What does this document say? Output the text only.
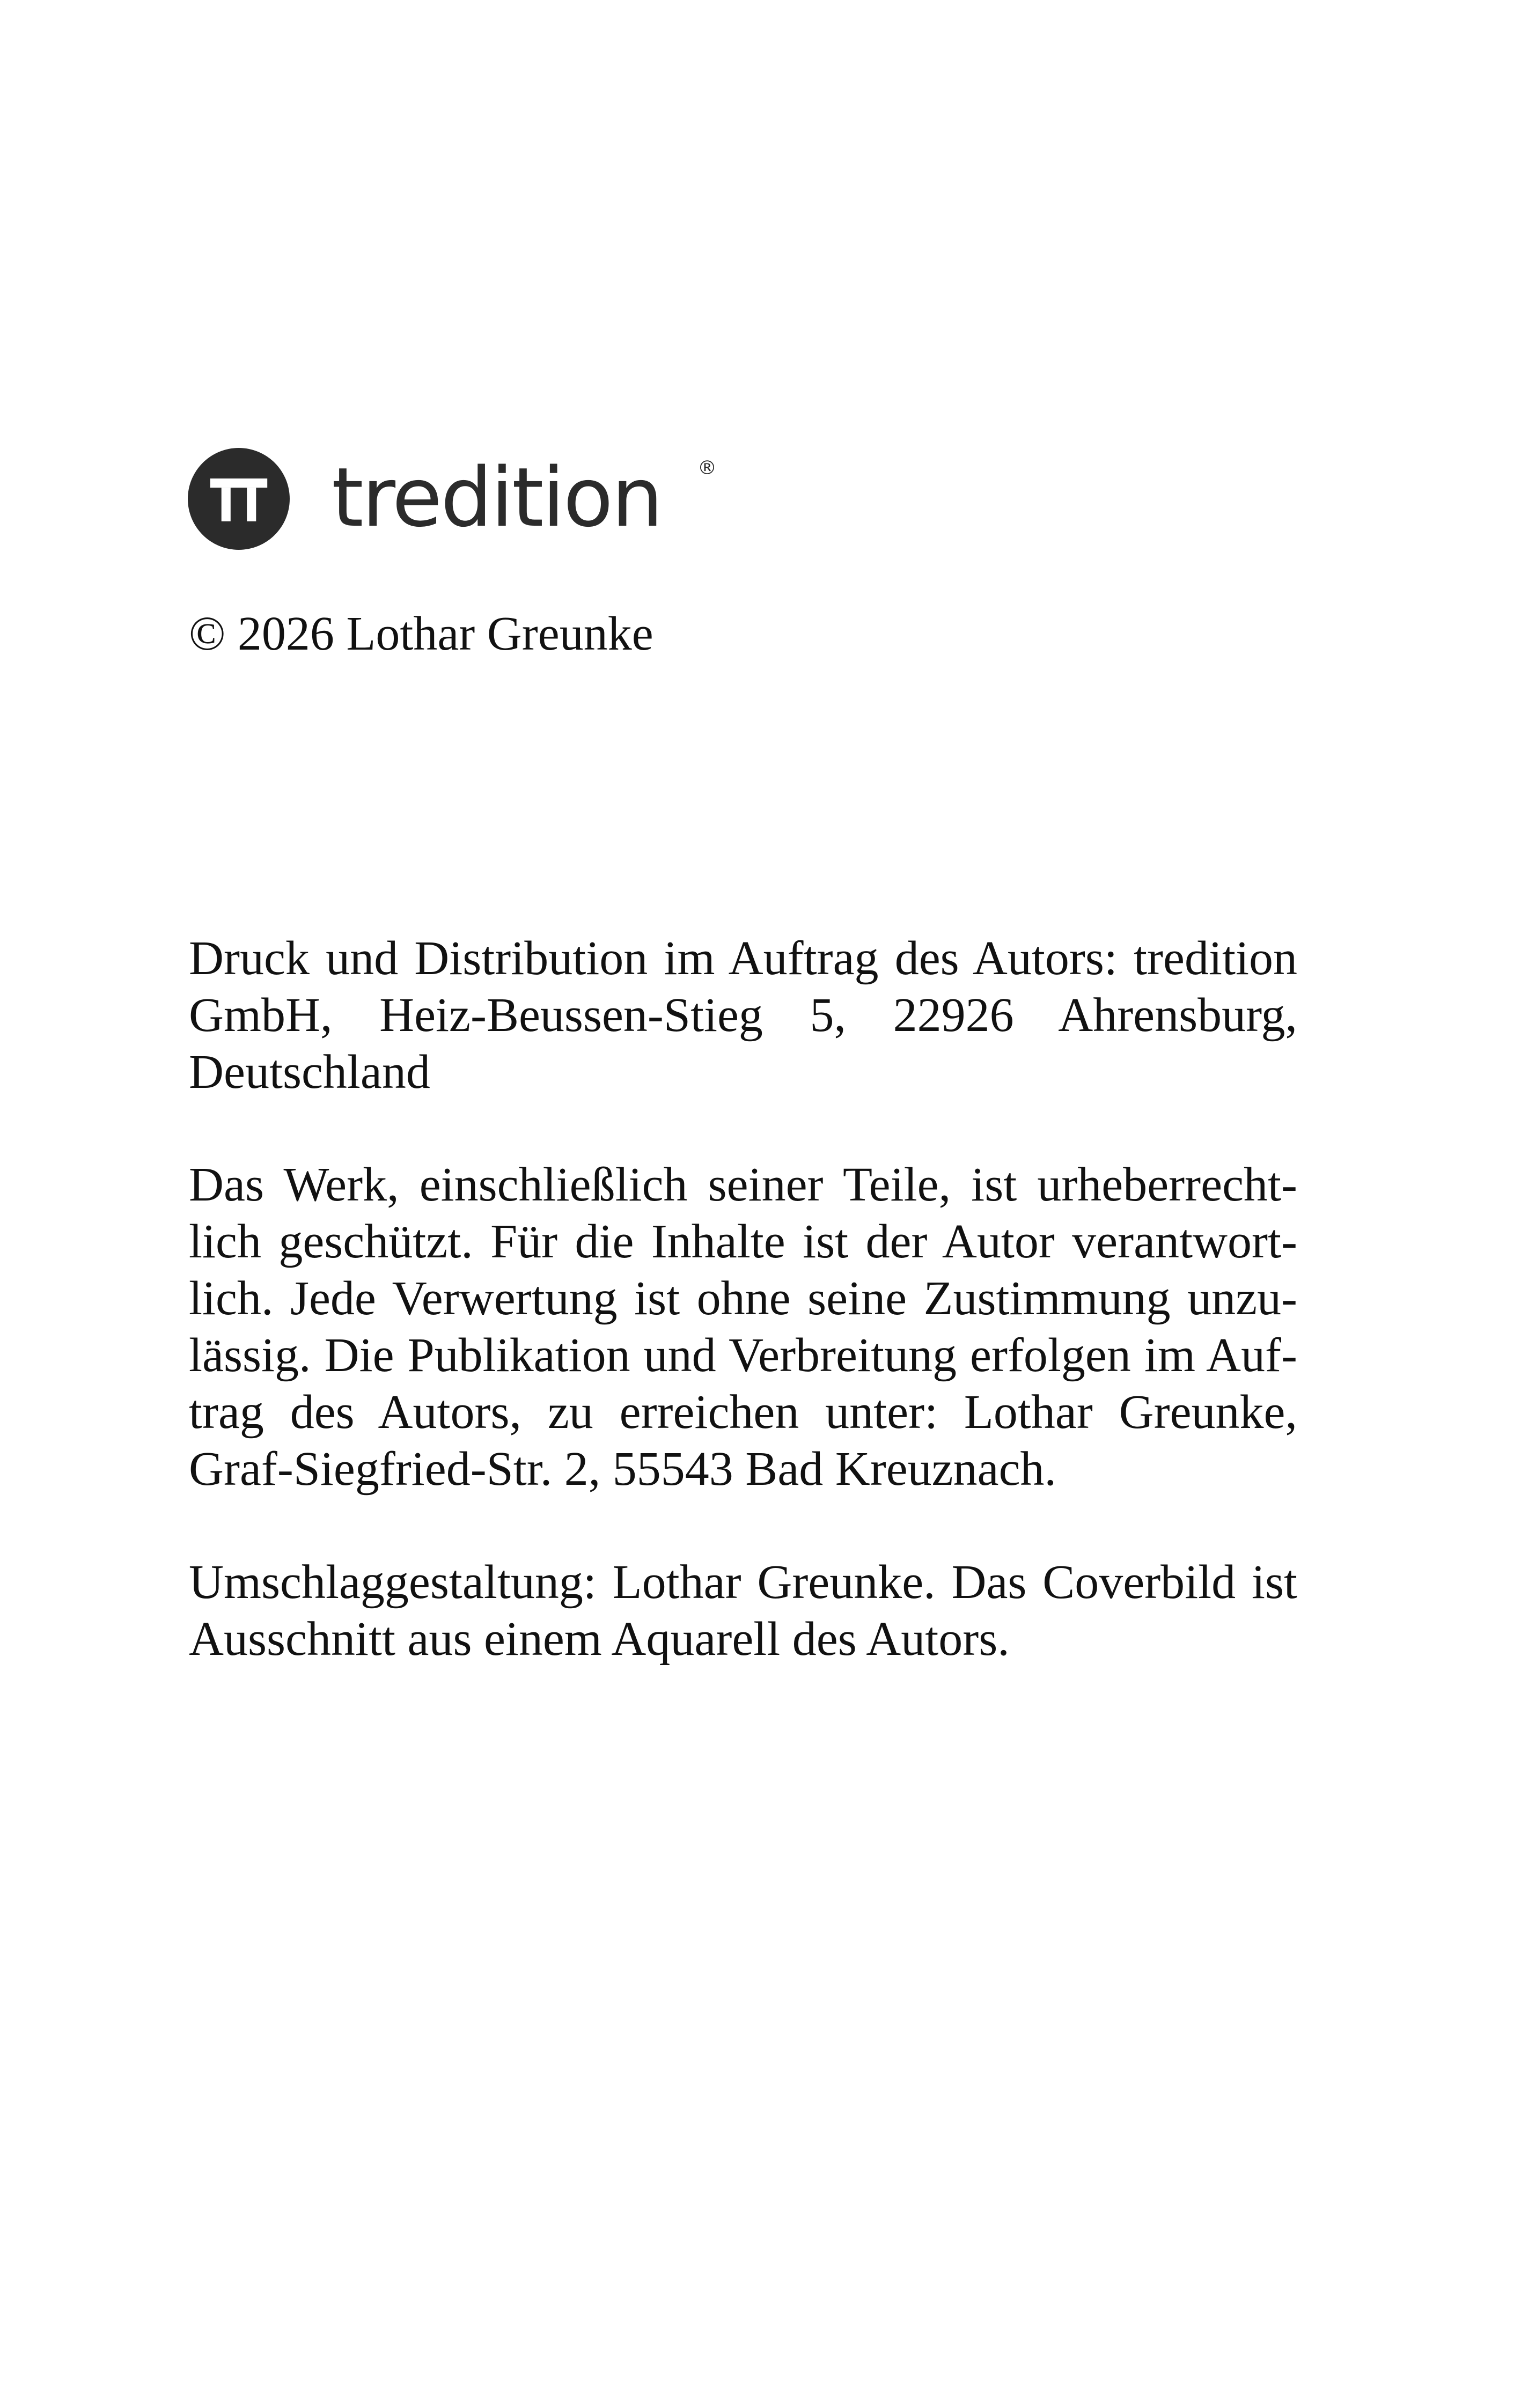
tredition ®
© 2026 Lothar Greunke
Druck und Distribution im Auftrag des Autors: tredition
GmbH, Heiz-Beussen-Stieg 5, 22926 Ahrensburg,
Deutschland
Das Werk, einschließlich seiner Teile, ist urheberrecht-
lich geschützt. Für die Inhalte ist der Autor verantwort-
lich. Jede Verwertung ist ohne seine Zustimmung unzu-
lässig. Die Publikation und Verbreitung erfolgen im Auf-
trag des Autors, zu erreichen unter: Lothar Greunke,
Graf-Siegfried-Str. 2, 55543 Bad Kreuznach.
Umschlaggestaltung: Lothar Greunke. Das Coverbild ist
Ausschnitt aus einem Aquarell des Autors.
